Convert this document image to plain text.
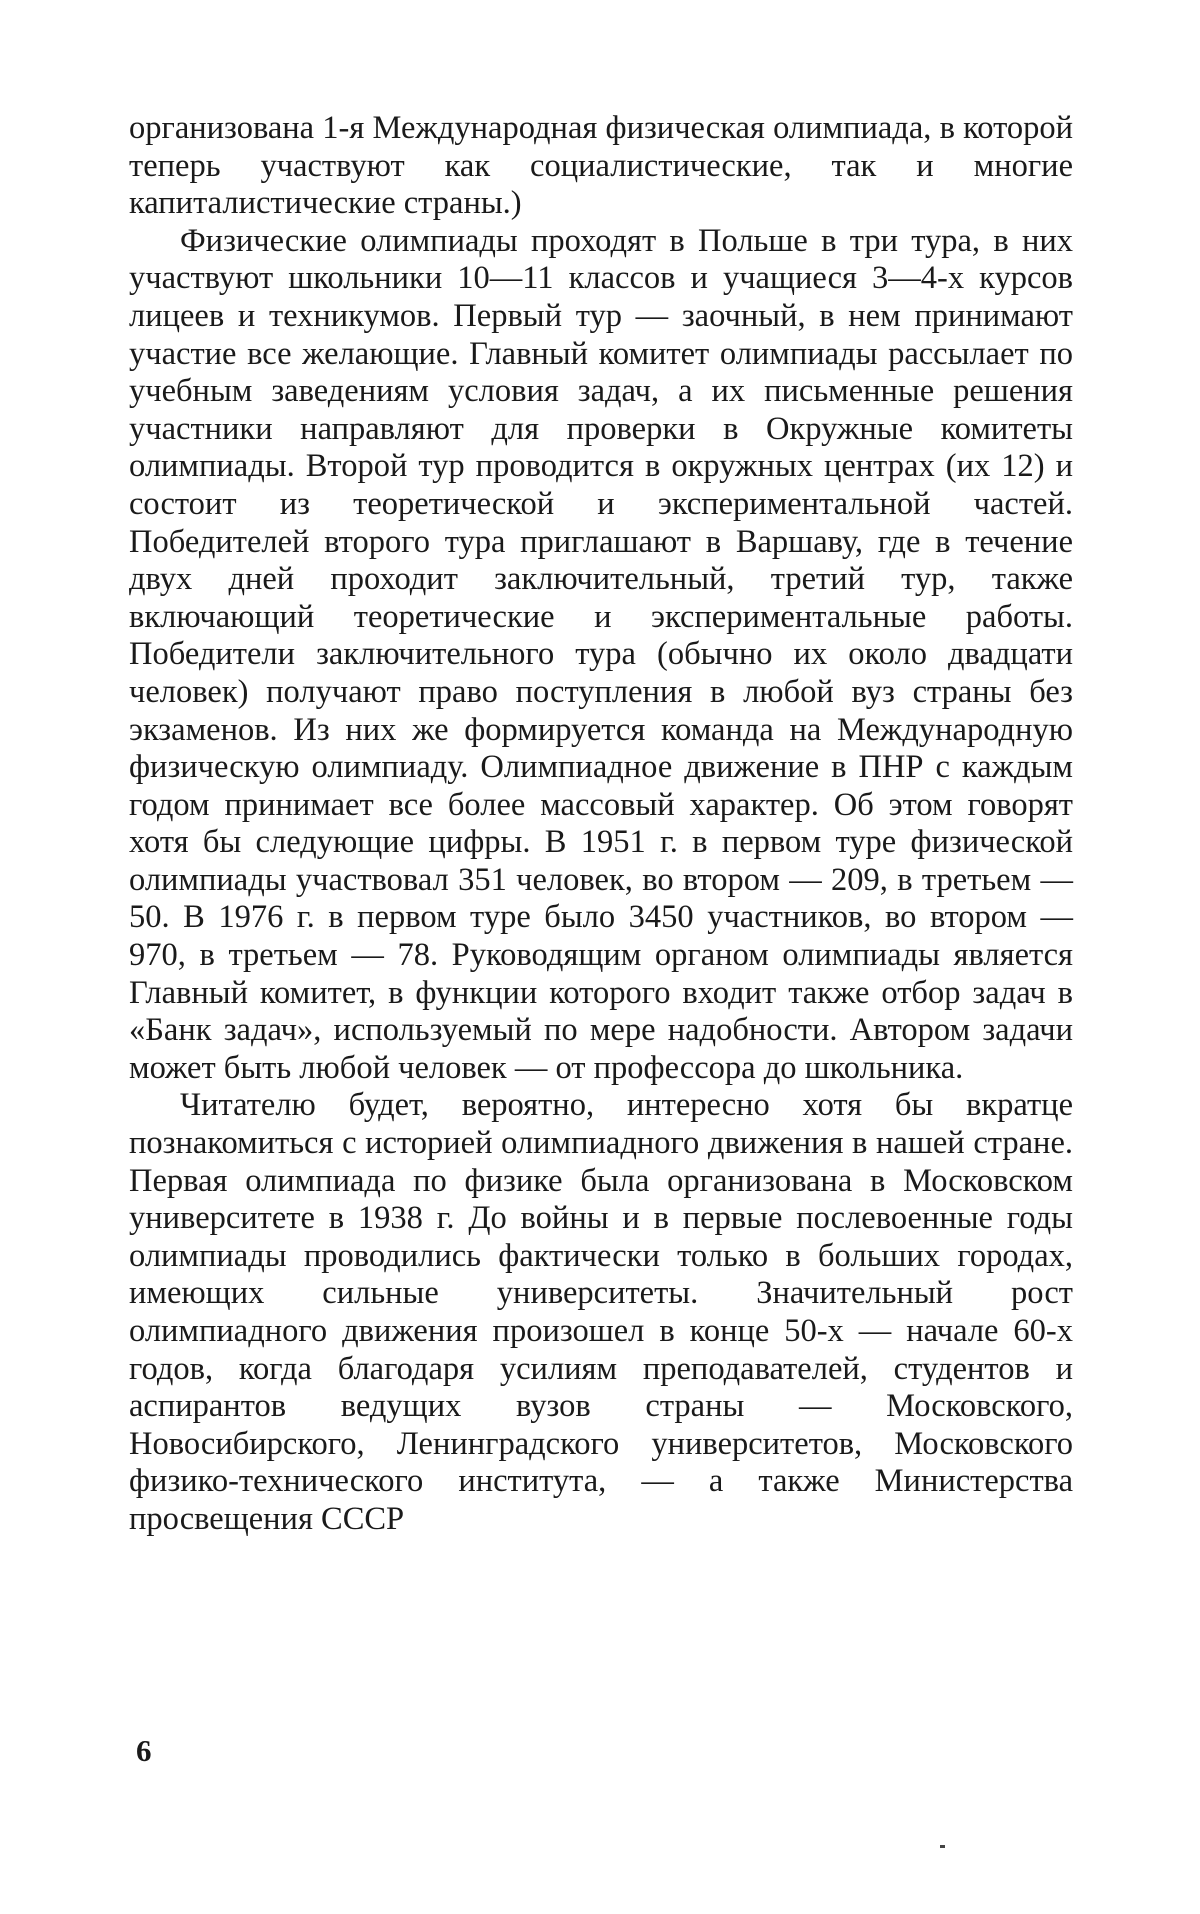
организована 1-я Международная физическая олимпиада, в которой теперь участвуют как социалистические, так и многие капиталистические страны.)

Физические олимпиады проходят в Польше в три тура, в них участвуют школьники 10—11 классов и учащиеся 3—4-х курсов лицеев и техникумов. Первый тур — заочный, в нем принимают участие все желающие. Главный комитет олимпиады рассылает по учебным заведениям условия задач, а их письменные решения участники направляют для проверки в Окружные комитеты олимпиады. Второй тур проводится в окружных центрах (их 12) и состоит из теоретической и экспериментальной частей. Победителей второго тура приглашают в Варшаву, где в течение двух дней проходит заключительный, третий тур, также включающий теоретические и экспериментальные работы. Победители заключительного тура (обычно их около двадцати человек) получают право поступления в любой вуз страны без экзаменов. Из них же формируется команда на Международную физическую олимпиаду. Олимпиадное движение в ПНР с каждым годом принимает все более массовый характер. Об этом говорят хотя бы следующие цифры. В 1951 г. в первом туре физической олимпиады участвовал 351 человек, во втором — 209, в третьем — 50. В 1976 г. в первом туре было 3450 участников, во втором — 970, в третьем — 78. Руководящим органом олимпиады является Главный комитет, в функции которого входит также отбор задач в «Банк задач», используемый по мере надобности. Автором задачи может быть любой человек — от профессора до школьника.

Читателю будет, вероятно, интересно хотя бы вкратце познакомиться с историей олимпиадного движения в нашей стране. Первая олимпиада по физике была организована в Московском университете в 1938 г. До войны и в первые послевоенные годы олимпиады проводились фактически только в больших городах, имеющих сильные университеты. Значительный рост олимпиадного движения произошел в конце 50-х — начале 60-х годов, когда благодаря усилиям преподавателей, студентов и аспирантов ведущих вузов страны — Московского, Новосибирского, Ленинградского университетов, Московского физико-технического института, — а также Министерства просвещения СССР

6
